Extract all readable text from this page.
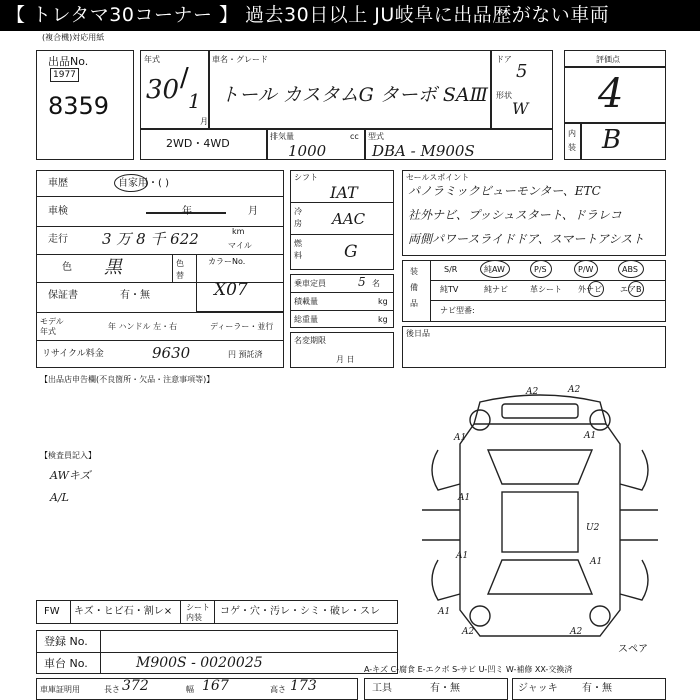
【 トレタマ30コーナー 】 過去30日以上 JU岐阜に出品歴がない車両
(複合機)対応用紙
出品No.
1977
8359
年式
30 /
1
月
車名・グレード
トール カスタムG ターボ SAⅢ
ドア
5
形状
W
2WD・4WD
排気量	cc
1000
型式
DBA - M900S
評価点
4
内
装 B
車歴	自家用・( )
車検	年	月
走行 3 万 8 千 622	km
マイル
色 黒	色
替
保証書	有・無
モデル
年式
年 ハンドル 左・右	ディーラー・並行
リサイクル料金	9630	円 預託済
カラーNo.
X07
シフト
IAT
冷
房 AAC
燃
料 G
乗車定員	5 名
積載量	kg
総重量	kg
名変期限
月 日
セールスポイント
パノラミックビューモンター、ETC
社外ナビ、プッシュスタート、ドラレコ
両側パワースライドドア、スマートアシスト
装
備
品
S/R	純AW	P/S	P/W	ABS
純TV	純ナビ	革シート 外ナビ エアB
ナビ型番:
後日品
【出品店申告欄(不良箇所・欠品・注意事項等)】
【検査員記入】
AWキズ
A/L
A2	A2
A1	A1
A1
U2
A1
A1
A1
A2	A2
スペア
FW キズ・ヒビ石・割レ× シート
内装
コゲ・穴・汚レ・シミ・破レ・スレ
登録 No.
車台 No.	M900S - 0020025	A-キズ C-腐食 E-エクボ S-サビ U-凹ミ W-補修 XX-交換済
車庫証明用	長さ 372	幅 167	高さ 173	工具	有・無	ジャッキ 有・無
